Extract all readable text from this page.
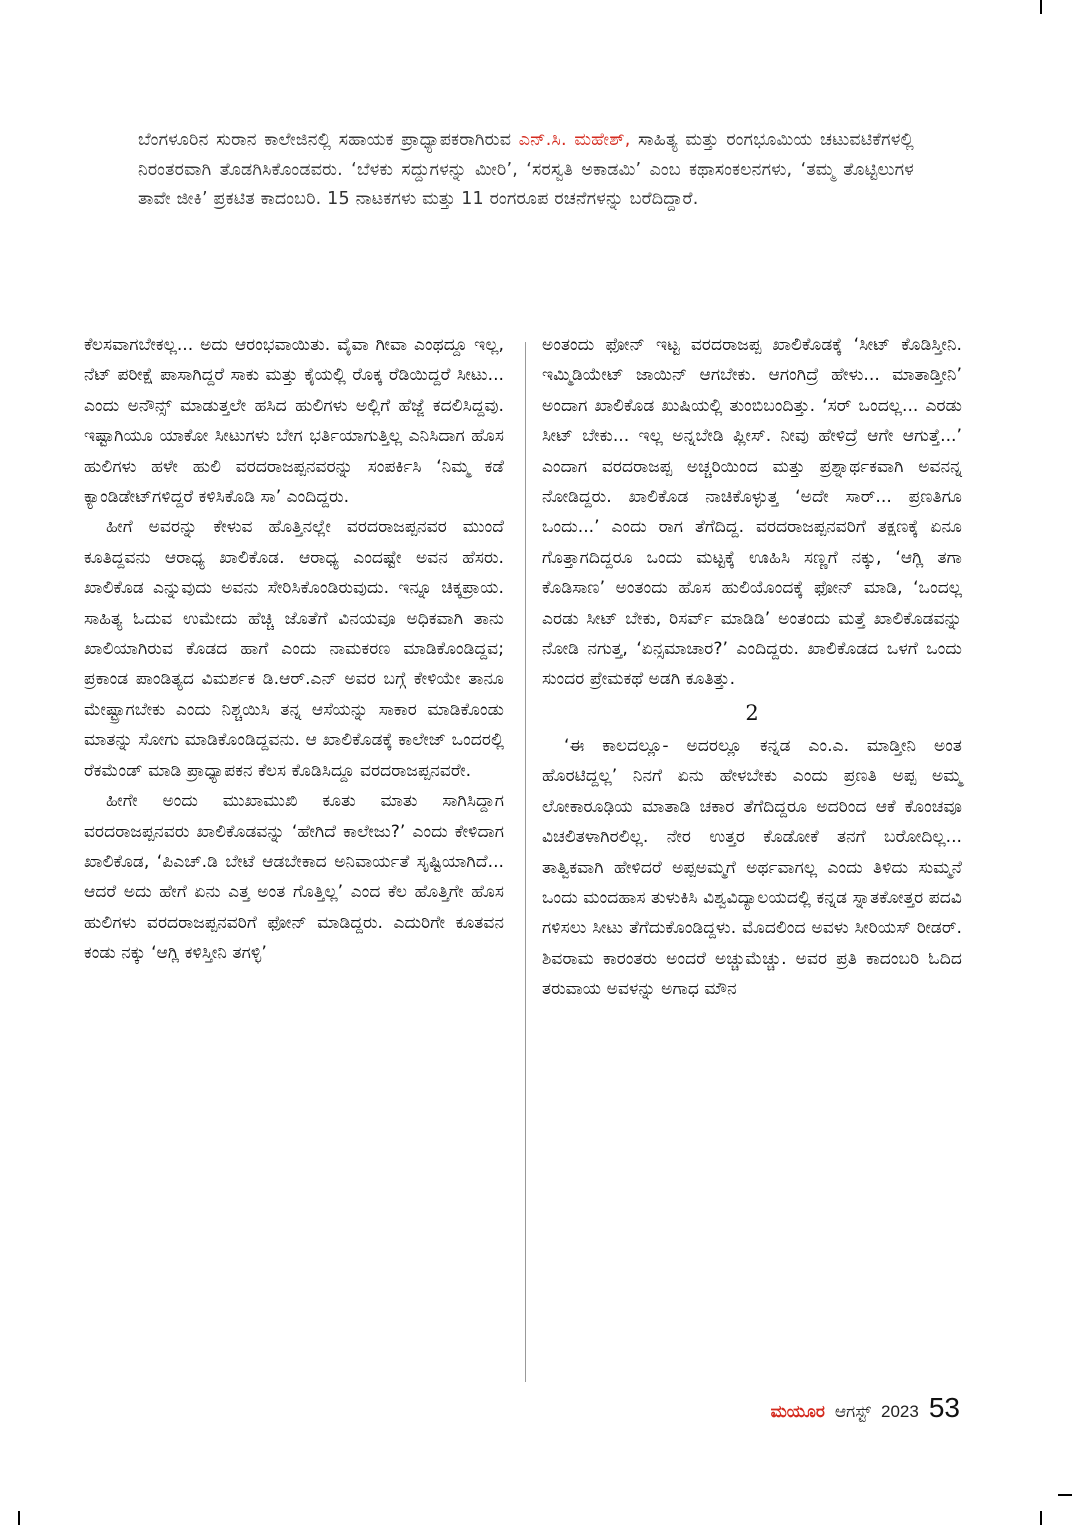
ಬೆಂಗಳೂರಿನ ಸುರಾನ ಕಾಲೇಜಿನಲ್ಲಿ ಸಹಾಯಕ ಪ್ರಾಧ್ಯಾಪಕರಾಗಿರುವ ಎನ್.ಸಿ. ಮಹೇಶ್, ಸಾಹಿತ್ಯ ಮತ್ತು ರಂಗಭೂಮಿಯ ಚಟುವಟಿಕೆಗಳಲ್ಲಿ ನಿರಂತರವಾಗಿ ತೊಡಗಿಸಿಕೊಂಡವರು. ‘ಬೆಳಕು ಸದ್ದುಗಳನ್ನು ಮೀರಿ’, ‘ಸರಸ್ವತಿ ಅಕಾಡಮಿ’ ಎಂಬ ಕಥಾಸಂಕಲನಗಳು, ‘ತಮ್ಮ ತೊಟ್ಟಿಲುಗಳ ತಾವೇ ಜೀಕಿ’ ಪ್ರಕಟಿತ ಕಾದಂಬರಿ. 15 ನಾಟಕಗಳು ಮತ್ತು 11 ರಂಗರೂಪ ರಚನೆಗಳನ್ನು ಬರೆದಿದ್ದಾರೆ.

ಕೆಲಸವಾಗಬೇಕಲ್ಲ... ಅದು ಆರಂಭವಾಯಿತು. ವೈವಾ ಗೀವಾ ಎಂಥದ್ದೂ ಇಲ್ಲ, ನೆಟ್ ಪರೀಕ್ಷೆ ಪಾಸಾಗಿದ್ದರೆ ಸಾಕು ಮತ್ತು ಕೈಯಲ್ಲಿ ರೊಕ್ಕ ರೆಡಿಯಿದ್ದರೆ ಸೀಟು... ಎಂದು ಅನೌನ್ಸ್ ಮಾಡುತ್ತಲೇ ಹಸಿದ ಹುಲಿಗಳು ಅಲ್ಲಿಗೆ ಹೆಜ್ಜೆ ಕದಲಿಸಿದ್ದವು. ಇಷ್ಟಾಗಿಯೂ ಯಾಕೋ ಸೀಟುಗಳು ಬೇಗ ಭರ್ತಿಯಾಗುತ್ತಿಲ್ಲ ಎನಿಸಿದಾಗ ಹೊಸ ಹುಲಿಗಳು ಹಳೇ ಹುಲಿ ವರದರಾಜಪ್ಪನವರನ್ನು ಸಂಪರ್ಕಿಸಿ ‘ನಿಮ್ಮ ಕಡೆ ಕ್ಯಾಂಡಿಡೇಟ್‌ಗಳಿದ್ದರೆ ಕಳಿಸಿಕೊಡಿ ಸಾ’ ಎಂದಿದ್ದರು.

ಹೀಗೆ ಅವರನ್ನು ಕೇಳುವ ಹೊತ್ತಿನಲ್ಲೇ ವರದರಾಜಪ್ಪನವರ ಮುಂದೆ ಕೂತಿದ್ದವನು ಆರಾಧ್ಯ ಖಾಲಿಕೊಡ. ಆರಾಧ್ಯ ಎಂದಷ್ಟೇ ಅವನ ಹೆಸರು. ಖಾಲಿಕೊಡ ಎನ್ನುವುದು ಅವನು ಸೇರಿಸಿಕೊಂಡಿರುವುದು. ಇನ್ನೂ ಚಿಕ್ಕಪ್ರಾಯ. ಸಾಹಿತ್ಯ ಓದುವ ಉಮೇದು ಹೆಚ್ಚಿ ಜೊತೆಗೆ ವಿನಯವೂ ಅಧಿಕವಾಗಿ ತಾನು ಖಾಲಿಯಾಗಿರುವ ಕೊಡದ ಹಾಗೆ ಎಂದು ನಾಮಕರಣ ಮಾಡಿಕೊಂಡಿದ್ದವ; ಪ್ರಕಾಂಡ ಪಾಂಡಿತ್ಯದ ವಿಮರ್ಶಕ ಡಿ.ಆರ್.ಎನ್ ಅವರ ಬಗ್ಗೆ ಕೇಳಿಯೇ ತಾನೂ ಮೇಷ್ಟ್ರಾಗಬೇಕು ಎಂದು ನಿಶ್ಚಯಿಸಿ ತನ್ನ ಆಸೆಯನ್ನು ಸಾಕಾರ ಮಾಡಿಕೊಂಡು ಮಾತನ್ನು ಸೋಗು ಮಾಡಿಕೊಂಡಿದ್ದವನು. ಆ ಖಾಲಿಕೊಡಕ್ಕೆ ಕಾಲೇಜ್ ಒಂದರಲ್ಲಿ ರೆಕಮೆಂಡ್ ಮಾಡಿ ಪ್ರಾಧ್ಯಾಪಕನ ಕೆಲಸ ಕೊಡಿಸಿದ್ದೂ ವರದರಾಜಪ್ಪನವರೇ.

ಹೀಗೇ ಅಂದು ಮುಖಾಮುಖಿ ಕೂತು ಮಾತು ಸಾಗಿಸಿದ್ದಾಗ ವರದರಾಜಪ್ಪನವರು ಖಾಲಿಕೊಡವನ್ನು ‘ಹೇಗಿದೆ ಕಾಲೇಜು?’ ಎಂದು ಕೇಳಿದಾಗ ಖಾಲಿಕೊಡ, ‘ಪಿಎಚ್.ಡಿ ಬೇಟೆ ಆಡಬೇಕಾದ ಅನಿವಾರ್ಯತೆ ಸೃಷ್ಟಿಯಾಗಿದೆ... ಆದರೆ ಅದು ಹೇಗೆ ಏನು ಎತ್ತ ಅಂತ ಗೊತ್ತಿಲ್ಲ’ ಎಂದ ಕೆಲ ಹೊತ್ತಿಗೇ ಹೊಸ ಹುಲಿಗಳು ವರದರಾಜಪ್ಪನವರಿಗೆ ಫೋನ್ ಮಾಡಿದ್ದರು. ಎದುರಿಗೇ ಕೂತವನ ಕಂಡು ನಕ್ಕು ‘ಆಗ್ಲಿ ಕಳಿಸ್ತೀನಿ ತಗಳ್ಳಿ’

ಅಂತಂದು ಫೋನ್ ಇಟ್ಟ ವರದರಾಜಪ್ಪ ಖಾಲಿಕೊಡಕ್ಕೆ ‘ಸೀಟ್ ಕೊಡಿಸ್ತೀನಿ. ಇಮ್ಮಿಡಿಯೇಟ್ ಜಾಯಿನ್ ಆಗಬೇಕು. ಆಗಂಗಿದ್ರೆ ಹೇಳು... ಮಾತಾಡ್ತೀನಿ’ ಅಂದಾಗ ಖಾಲಿಕೊಡ ಖುಷಿಯಲ್ಲಿ ತುಂಬಿಬಂದಿತ್ತು. ‘ಸರ್ ಒಂದಲ್ಲ... ಎರಡು ಸೀಟ್ ಬೇಕು... ಇಲ್ಲ ಅನ್ನಬೇಡಿ ಪ್ಲೀಸ್. ನೀವು ಹೇಳಿದ್ರೆ ಆಗೇ ಆಗುತ್ತೆ...’ ಎಂದಾಗ ವರದರಾಜಪ್ಪ ಅಚ್ಚರಿಯಿಂದ ಮತ್ತು ಪ್ರಶ್ನಾರ್ಥಕವಾಗಿ ಅವನನ್ನ ನೋಡಿದ್ದರು. ಖಾಲಿಕೊಡ ನಾಚಿಕೊಳ್ಳುತ್ತ ‘ಅದೇ ಸಾರ್... ಪ್ರಣತಿಗೂ ಒಂದು...’ ಎಂದು ರಾಗ ತೆಗೆದಿದ್ದ. ವರದರಾಜಪ್ಪನವರಿಗೆ ತಕ್ಷಣಕ್ಕೆ ಏನೂ ಗೊತ್ತಾಗದಿದ್ದರೂ ಒಂದು ಮಟ್ಟಕ್ಕೆ ಊಹಿಸಿ ಸಣ್ಣಗೆ ನಕ್ಕು, ‘ಆಗ್ಲಿ ತಗಾ ಕೊಡಿಸಾಣ’ ಅಂತಂದು ಹೊಸ ಹುಲಿಯೊಂದಕ್ಕೆ ಫೋನ್ ಮಾಡಿ, ‘ಒಂದಲ್ಲ ಎರಡು ಸೀಟ್ ಬೇಕು, ರಿಸರ್ವ್ ಮಾಡಿಡಿ’ ಅಂತಂದು ಮತ್ತೆ ಖಾಲಿಕೊಡವನ್ನು ನೋಡಿ ನಗುತ್ತ, ‘ಏನ್ಸಮಾಚಾರ?’ ಎಂದಿದ್ದರು. ಖಾಲಿಕೊಡದ ಒಳಗೆ ಒಂದು ಸುಂದರ ಪ್ರೇಮಕಥೆ ಅಡಗಿ ಕೂತಿತ್ತು.

2

‘ಈ ಕಾಲದಲ್ಲೂ- ಅದರಲ್ಲೂ ಕನ್ನಡ ಎಂ.ಎ. ಮಾಡ್ತೀನಿ ಅಂತ ಹೊರಟಿದ್ದಲ್ಲ’ ನಿನಗೆ ಏನು ಹೇಳಬೇಕು ಎಂದು ಪ್ರಣತಿ ಅಪ್ಪ ಅಮ್ಮ ಲೋಕಾರೂಢಿಯ ಮಾತಾಡಿ ಚಕಾರ ತೆಗೆದಿದ್ದರೂ ಅದರಿಂದ ಆಕೆ ಕೊಂಚವೂ ವಿಚಲಿತಳಾಗಿರಲಿಲ್ಲ. ನೇರ ಉತ್ತರ ಕೊಡೋಕೆ ತನಗೆ ಬರೋದಿಲ್ಲ... ತಾತ್ವಿಕವಾಗಿ ಹೇಳಿದರೆ ಅಪ್ಪಅಮ್ಮಗೆ ಅರ್ಥವಾಗಲ್ಲ ಎಂದು ತಿಳಿದು ಸುಮ್ಮನೆ ಒಂದು ಮಂದಹಾಸ ತುಳುಕಿಸಿ ವಿಶ್ವವಿದ್ಯಾಲಯದಲ್ಲಿ ಕನ್ನಡ ಸ್ನಾತಕೋತ್ತರ ಪದವಿ ಗಳಿಸಲು ಸೀಟು ತೆಗೆದುಕೊಂಡಿದ್ದಳು. ಮೊದಲಿಂದ ಅವಳು ಸೀರಿಯಸ್ ರೀಡರ್. ಶಿವರಾಮ ಕಾರಂತರು ಅಂದರೆ ಅಚ್ಚುಮೆಚ್ಚು. ಅವರ ಪ್ರತಿ ಕಾದಂಬರಿ ಓದಿದ ತರುವಾಯ ಅವಳನ್ನು ಅಗಾಧ ಮೌನ

ಮಯೂರ ಆಗಸ್ಟ್ 2023 53
